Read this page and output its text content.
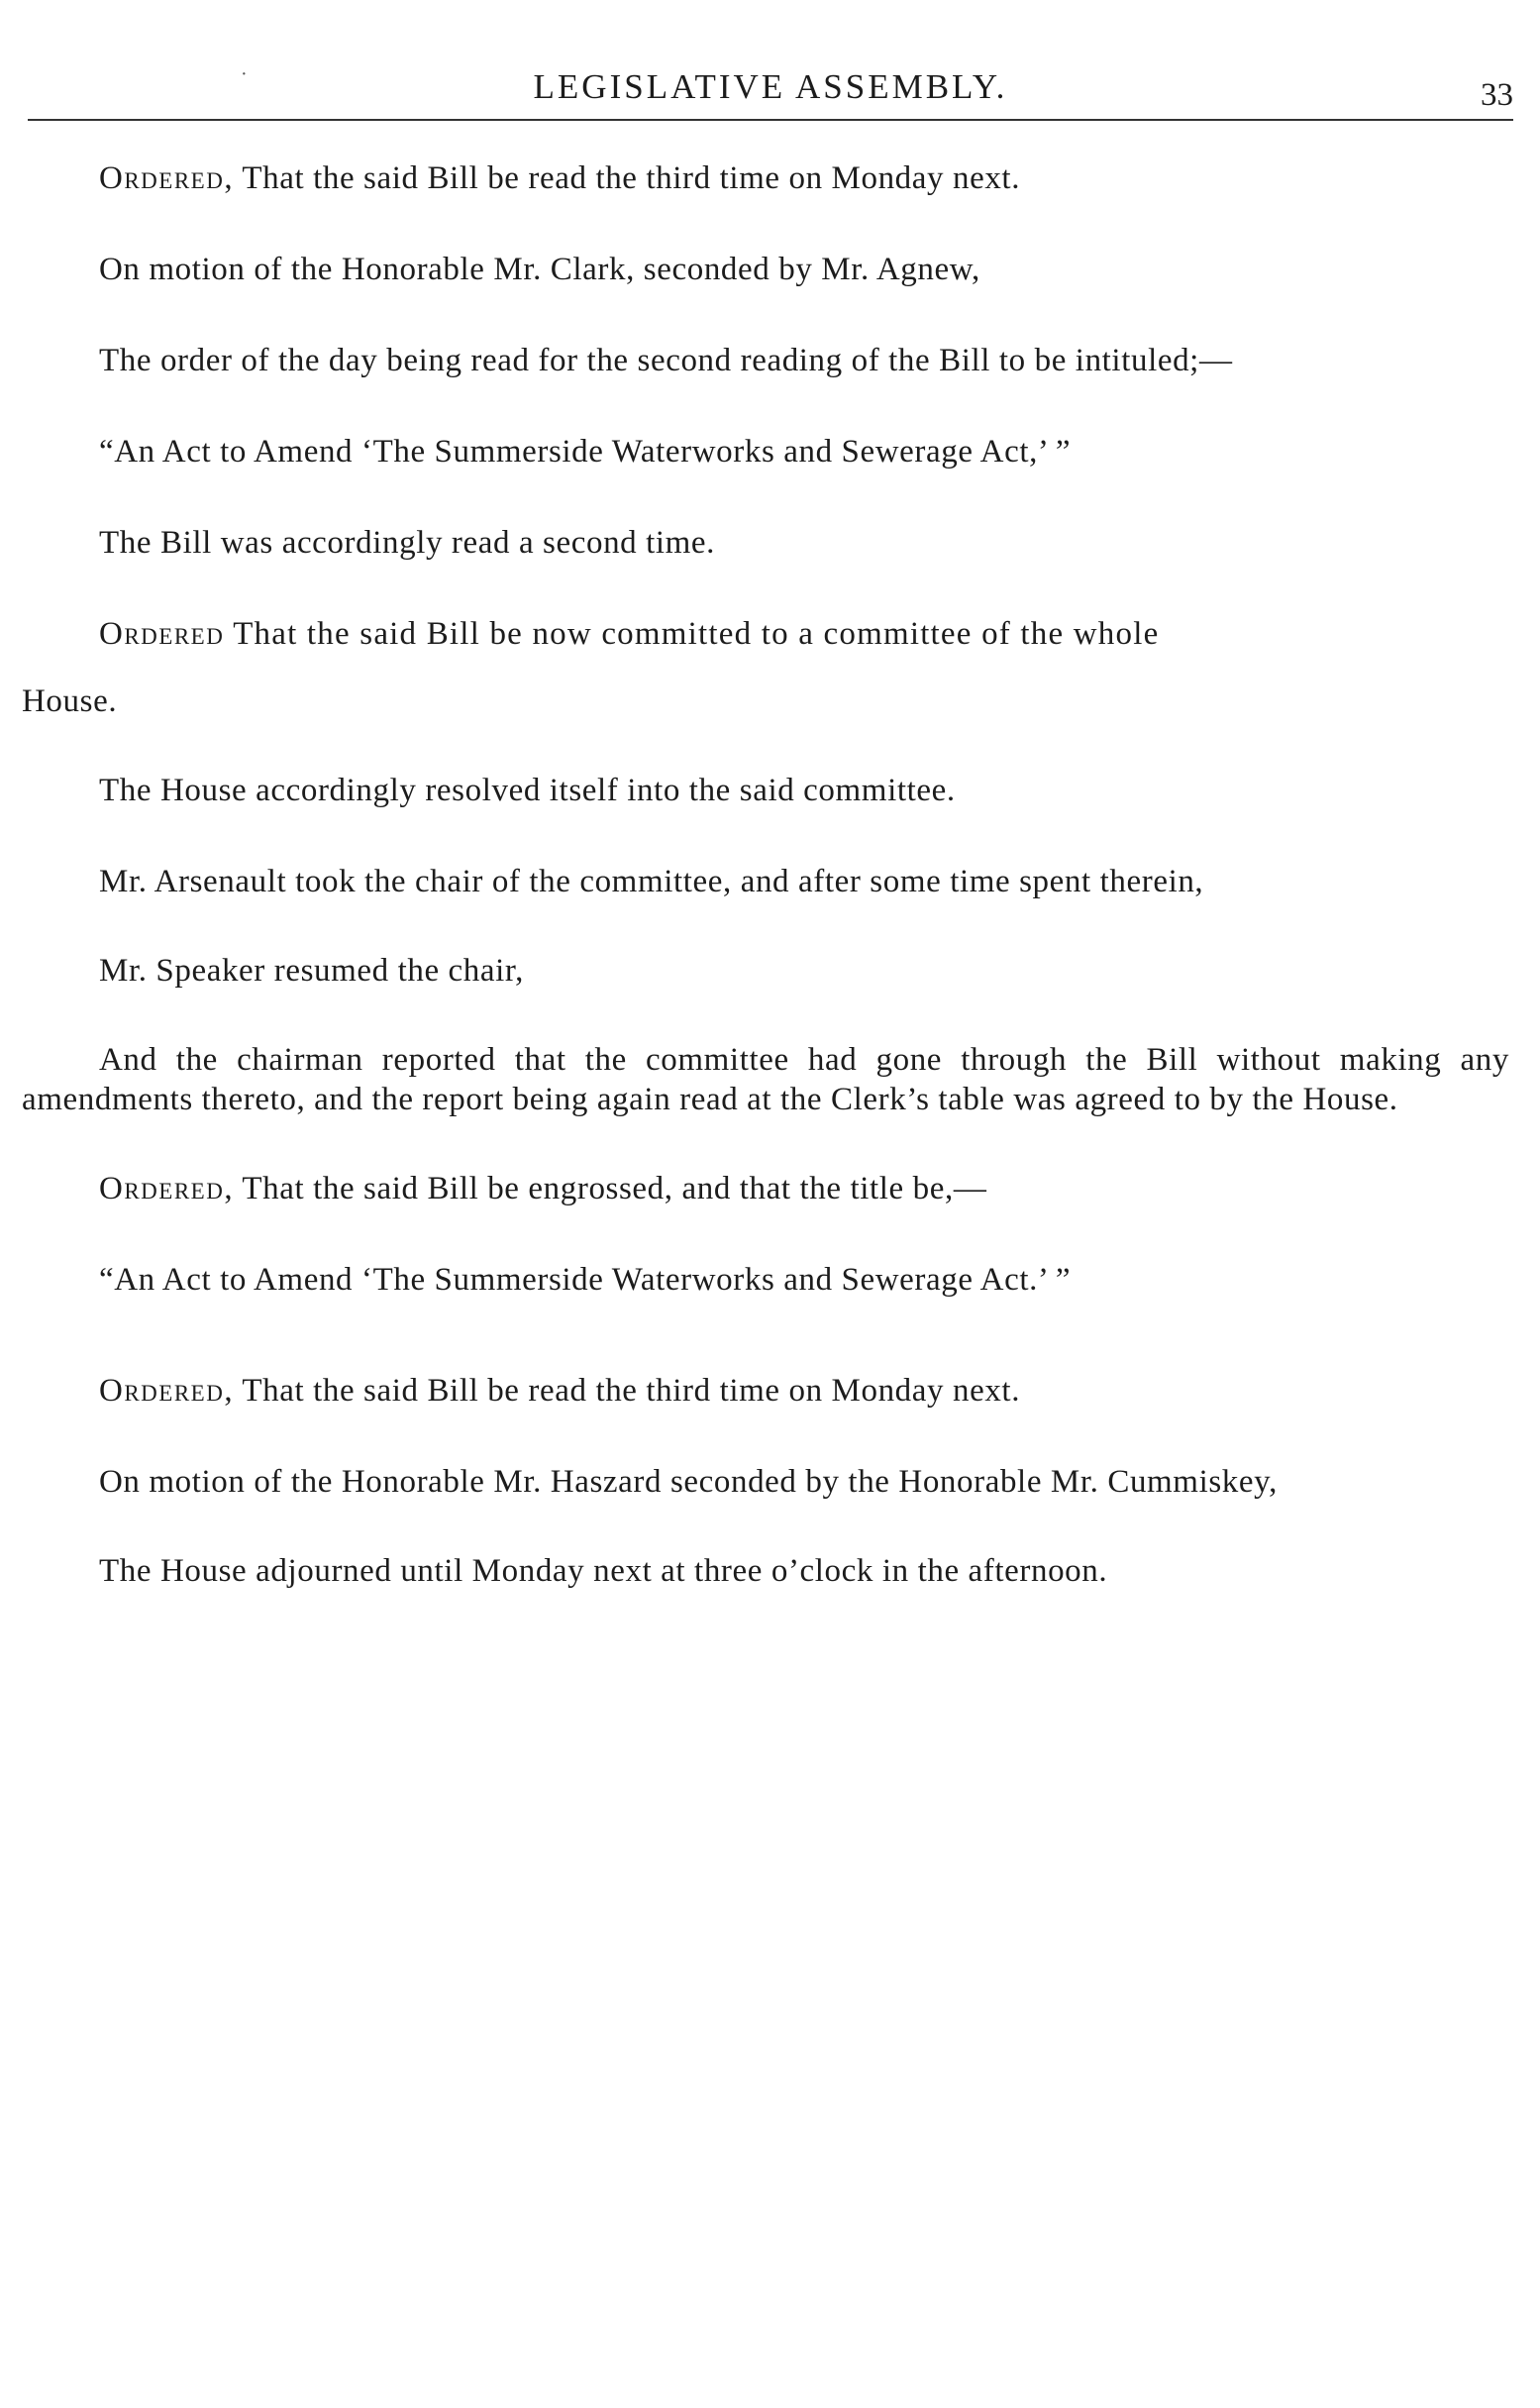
·	LEGISLATIVE ASSEMBLY.	33

Ordered, That the said Bill be read the third time on Monday next.

On motion of the Honorable Mr. Clark, seconded by Mr. Agnew,

The order of the day being read for the second reading of the Bill to be intituled;—

“An Act to Amend ‘The Summerside Waterworks and Sewerage Act,’ ”

The Bill was accordingly read a second time.

Ordered That the said Bill be now committed to a committee of the whole

House.

The House accordingly resolved itself into the said committee.

Mr. Arsenault took the chair of the committee, and after some time spent therein,

Mr. Speaker resumed the chair,

And the chairman reported that the committee had gone through the Bill without making any amendments thereto, and the report being again read at the Clerk’s table was agreed to by the House.

Ordered, That the said Bill be engrossed, and that the title be,—

“An Act to Amend ‘The Summerside Waterworks and Sewerage Act.’ ”

Ordered, That the said Bill be read the third time on Monday next.

On motion of the Honorable Mr. Haszard seconded by the Honorable Mr. Cummiskey,

The House adjourned until Monday next at three o’clock in the afternoon.
